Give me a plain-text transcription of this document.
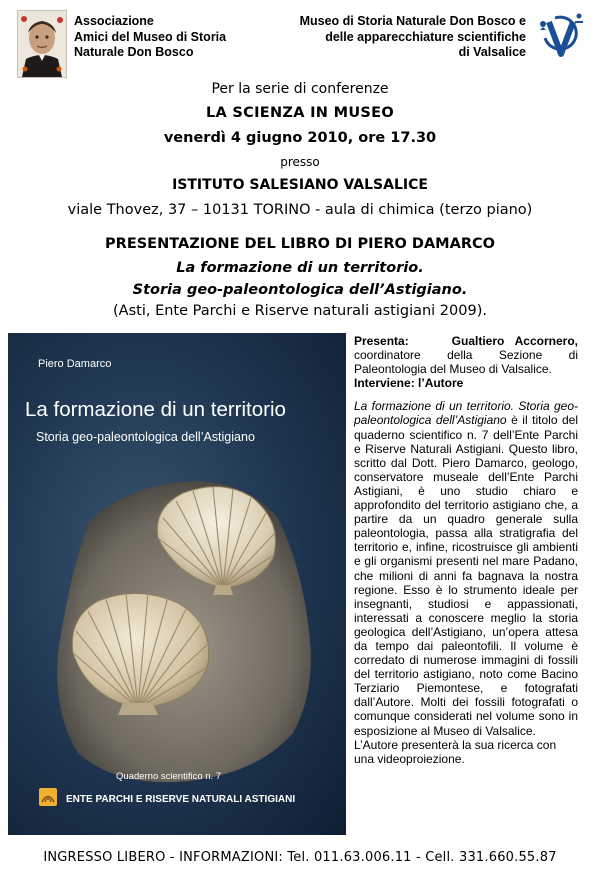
Associazione
Amici del Museo di Storia
Naturale Don Bosco
Museo di Storia Naturale Don Bosco e
delle apparecchiature scientifiche
di Valsalice
Per la serie di conferenze
LA SCIENZA IN MUSEO
venerdì 4 giugno 2010, ore 17.30
presso
ISTITUTO SALESIANO VALSALICE
viale Thovez, 37 – 10131 TORINO - aula di chimica (terzo piano)
PRESENTAZIONE DEL LIBRO DI PIERO DAMARCO
La formazione di un territorio.
Storia geo-paleontologica dell’Astigiano.
(Asti, Ente Parchi e Riserve naturali astigiani 2009).
Piero Damarco
La formazione di un territorio
Storia geo-paleontologica dell’Astigiano
Quaderno scientifico n. 7
ENTE PARCHI E RISERVE NATURALI ASTIGIANI

Presenta:	Gualtiero Accornero, coordinatore della Sezione di Paleontologia del Museo di Valsalice.

Interviene: l’Autore

La formazione di un territorio. Storia geo-paleontologica dell’Astigiano è il titolo del quaderno scientifico n. 7 dell’Ente Parchi e Riserve Naturali Astigiani. Questo libro, scritto dal Dott. Piero Damarco, geologo, conservatore museale dell’Ente Parchi Astigiani, è uno studio chiaro e approfondito del territorio astigiano che, a partire da un quadro generale sulla paleontologia, passa alla stratigrafia del territorio e, infine, ricostruisce gli ambienti e gli organismi presenti nel mare Padano, che milioni di anni fa bagnava la nostra regione. Esso è lo strumento ideale per insegnanti, studiosi e appassionati, interessati a conoscere meglio la storia geologica dell’Astigiano, un’opera attesa da tempo dai paleontofili. Il volume è corredato di numerose immagini di fossili del territorio astigiano, noto come Bacino Terziario Piemontese, e fotografati dall’Autore. Molti dei fossili fotografati o comunque considerati nel volume sono in esposizione al Museo di Valsalice.

L’Autore presenterà la sua ricerca con una videoproiezione.

INGRESSO LIBERO - INFORMAZIONI: Tel. 011.63.006.11 - Cell. 331.660.55.87
